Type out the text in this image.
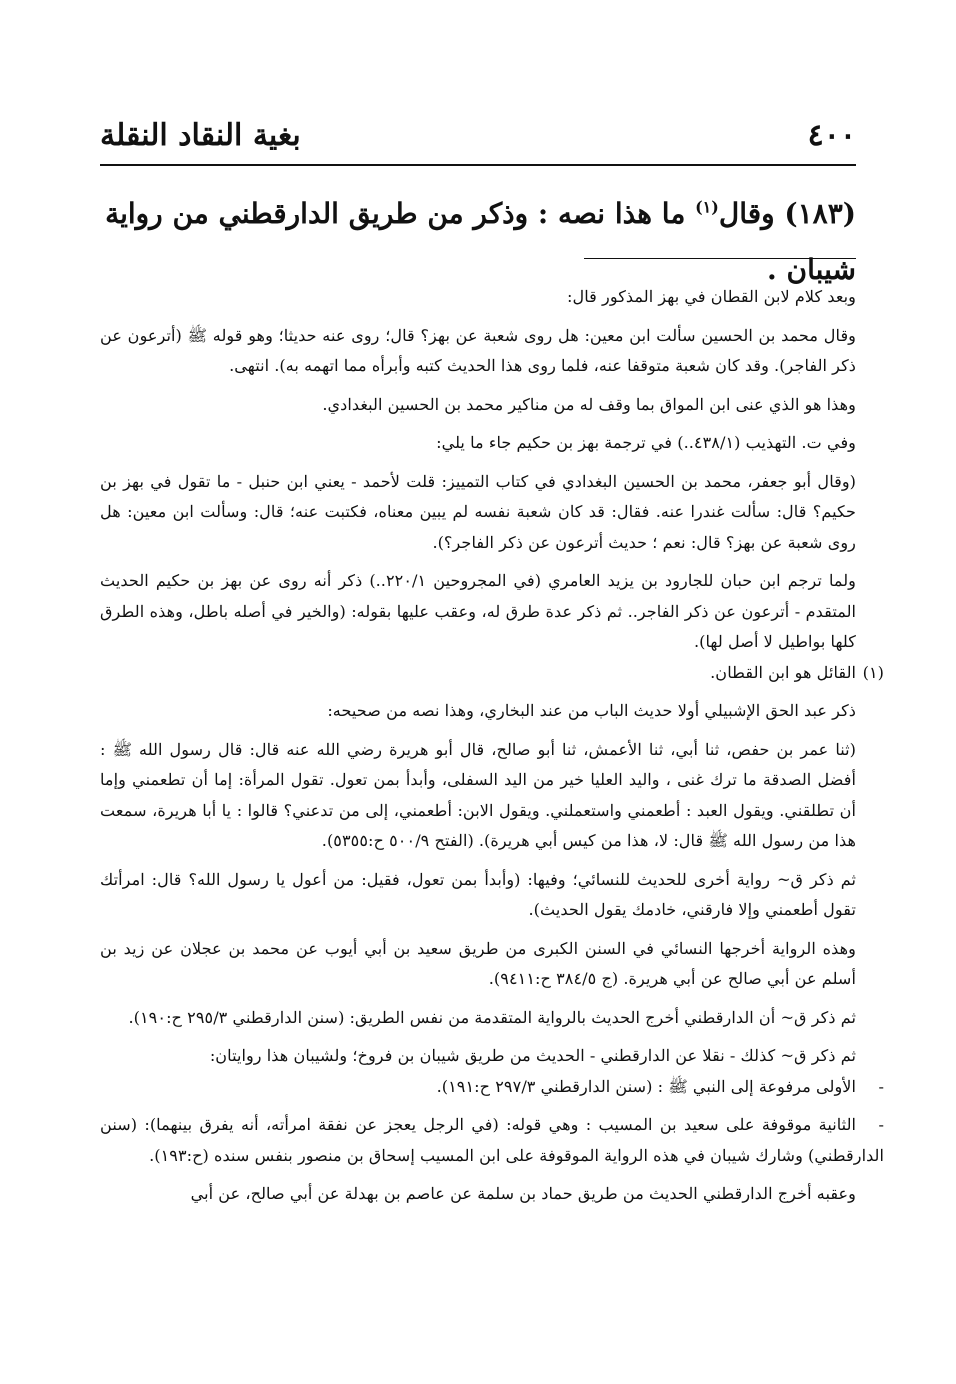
٤٠٠
بغية النقاد النقلة
(١٨٣) وقال$^{(١)}$ ما هذا نصه : وذكر من طريق الدارقطني من رواية شيبان .

وبعد كلام لابن القطان في بهز المذكور قال:

وقال محمد بن الحسين سألت ابن معين: هل روى شعبة عن بهز؟ قال؛ روى عنه حديثا؛ وهو قوله ﷺ (أترعون عن ذكر الفاجر). وقد كان شعبة متوقفا عنه، فلما روى هذا الحديث كتبه وأبرأه مما اتهمه به). انتهى.

وهذا هو الذي عنى ابن المواق بما وقف له من مناكير محمد بن الحسين البغدادي.

وفي ت. التهذيب (٤٣٨/١..) في ترجمة بهز بن حكيم جاء ما يلي:

(وقال أبو جعفر، محمد بن الحسين البغدادي في كتاب التمييز: قلت لأحمد - يعني ابن حنبل - ما تقول في بهز بن حكيم؟ قال: سألت غندرا عنه. فقال: قد كان شعبة نفسه لم يبين معناه، فكتبت عنه؛ قال: وسألت ابن معين: هل روى شعبة عن بهز؟ قال: نعم ؛ حديث أترعون عن ذكر الفاجر؟).

ولما ترجم ابن حبان للجارود بن يزيد العامري (في المجروحين ٢٢٠/١..) ذكر أنه روى عن بهز بن حكيم الحديث المتقدم - أترعون عن ذكر الفاجر.. ثم ذكر عدة طرق له، وعقب عليها بقوله: (والخير في أصله باطل، وهذه الطرق كلها بواطيل لا أصل لها).

(١)القائل هو ابن القطان.

ذكر عبد الحق الإشبيلي أولا حديث الباب من عند البخاري، وهذا نصه من صحيحه:

(ثنا عمر بن حفص، ثنا أبي، ثنا الأعمش، ثنا أبو صالح، قال أبو هريرة رضي الله عنه قال: قال رسول الله ﷺ : أفضل الصدقة ما ترك غنى ، واليد العليا خير من اليد السفلى، وأبدأ بمن تعول. تقول المرأة: إما أن تطعمني وإما أن تطلقني. ويقول العبد : أطعمني واستعملني. ويقول الابن: أطعمني، إلى من تدعني؟ قالوا : يا أبا هريرة، سمعت هذا من رسول الله ﷺ قال: لا، هذا من كيس أبي هريرة). (الفتح ٥٠٠/٩ ح:٥٣٥٥).

ثم ذكر ق~ رواية أخرى للحديث للنسائي؛ وفيها: (وأبدأ بمن تعول، فقيل: من أعول يا رسول الله؟ قال: امرأتك تقول أطعمني وإلا فارقني، خادمك يقول الحديث).

وهذه الرواية أخرجها النسائي في السنن الكبرى من طريق سعيد بن أبي أيوب عن محمد بن عجلان عن زيد بن أسلم عن أبي صالح عن أبي هريرة. (ج ٣٨٤/٥ ح:٩٤١١).

ثم ذكر ق~ أن الدارقطني أخرج الحديث بالرواية المتقدمة من نفس الطريق: (سنن الدارقطني ٢٩٥/٣ ح:١٩٠).

ثم ذكر ق~ كذلك - نقلا عن الدارقطني - الحديث من طريق شيبان بن فروخ؛ ولشيبان هذا روايتان:

-الأولى مرفوعة إلى النبي ﷺ : (سنن الدارقطني ٢٩٧/٣ ح:١٩١).

-الثانية موقوفة على سعيد بن المسيب : وهي قوله: (في الرجل يعجز عن نفقة امرأته، أنه يفرق بينهما): (سنن الدارقطني) وشارك شيبان في هذه الرواية الموقوفة على ابن المسيب إسحاق بن منصور بنفس سنده (ح:١٩٣).

وعقبه أخرج الدارقطني الحديث من طريق حماد بن سلمة عن عاصم بن بهدلة عن أبي صالح، عن أبي
